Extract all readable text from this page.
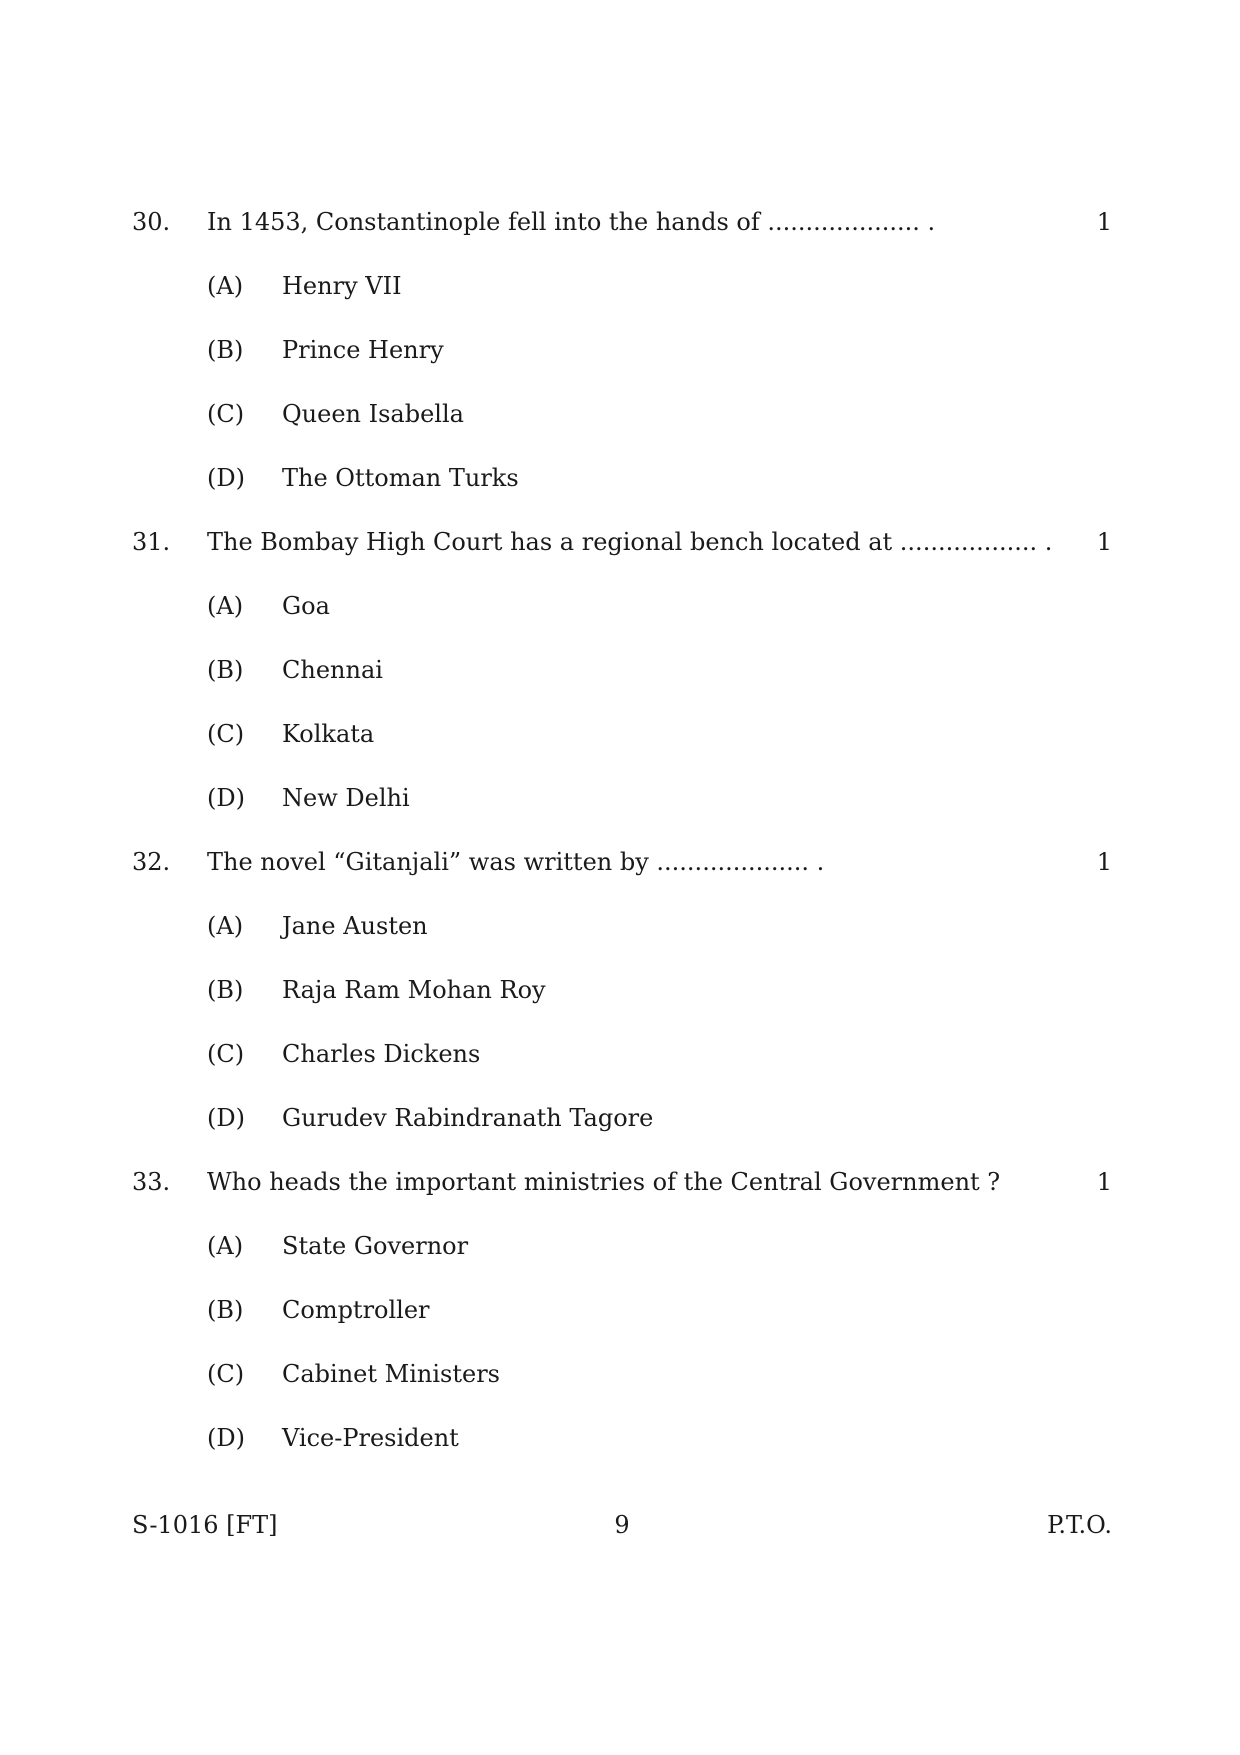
30.	In 1453, Constantinople fell into the hands of .................... .	1
(A)	Henry VII
(B)	Prince Henry
(C)	Queen Isabella
(D)	The Ottoman Turks
31.	The Bombay High Court has a regional bench located at .................. .	1
(A)	Goa
(B)	Chennai
(C)	Kolkata
(D)	New Delhi
32.	The novel “Gitanjali” was written by .................... .	1
(A)	Jane Austen
(B)	Raja Ram Mohan Roy
(C)	Charles Dickens
(D)	Gurudev Rabindranath Tagore
33.	Who heads the important ministries of the Central Government ?	1
(A)	State Governor
(B)	Comptroller
(C)	Cabinet Ministers
(D)	Vice-President
S-1016 [FT]	9	P.T.O.
